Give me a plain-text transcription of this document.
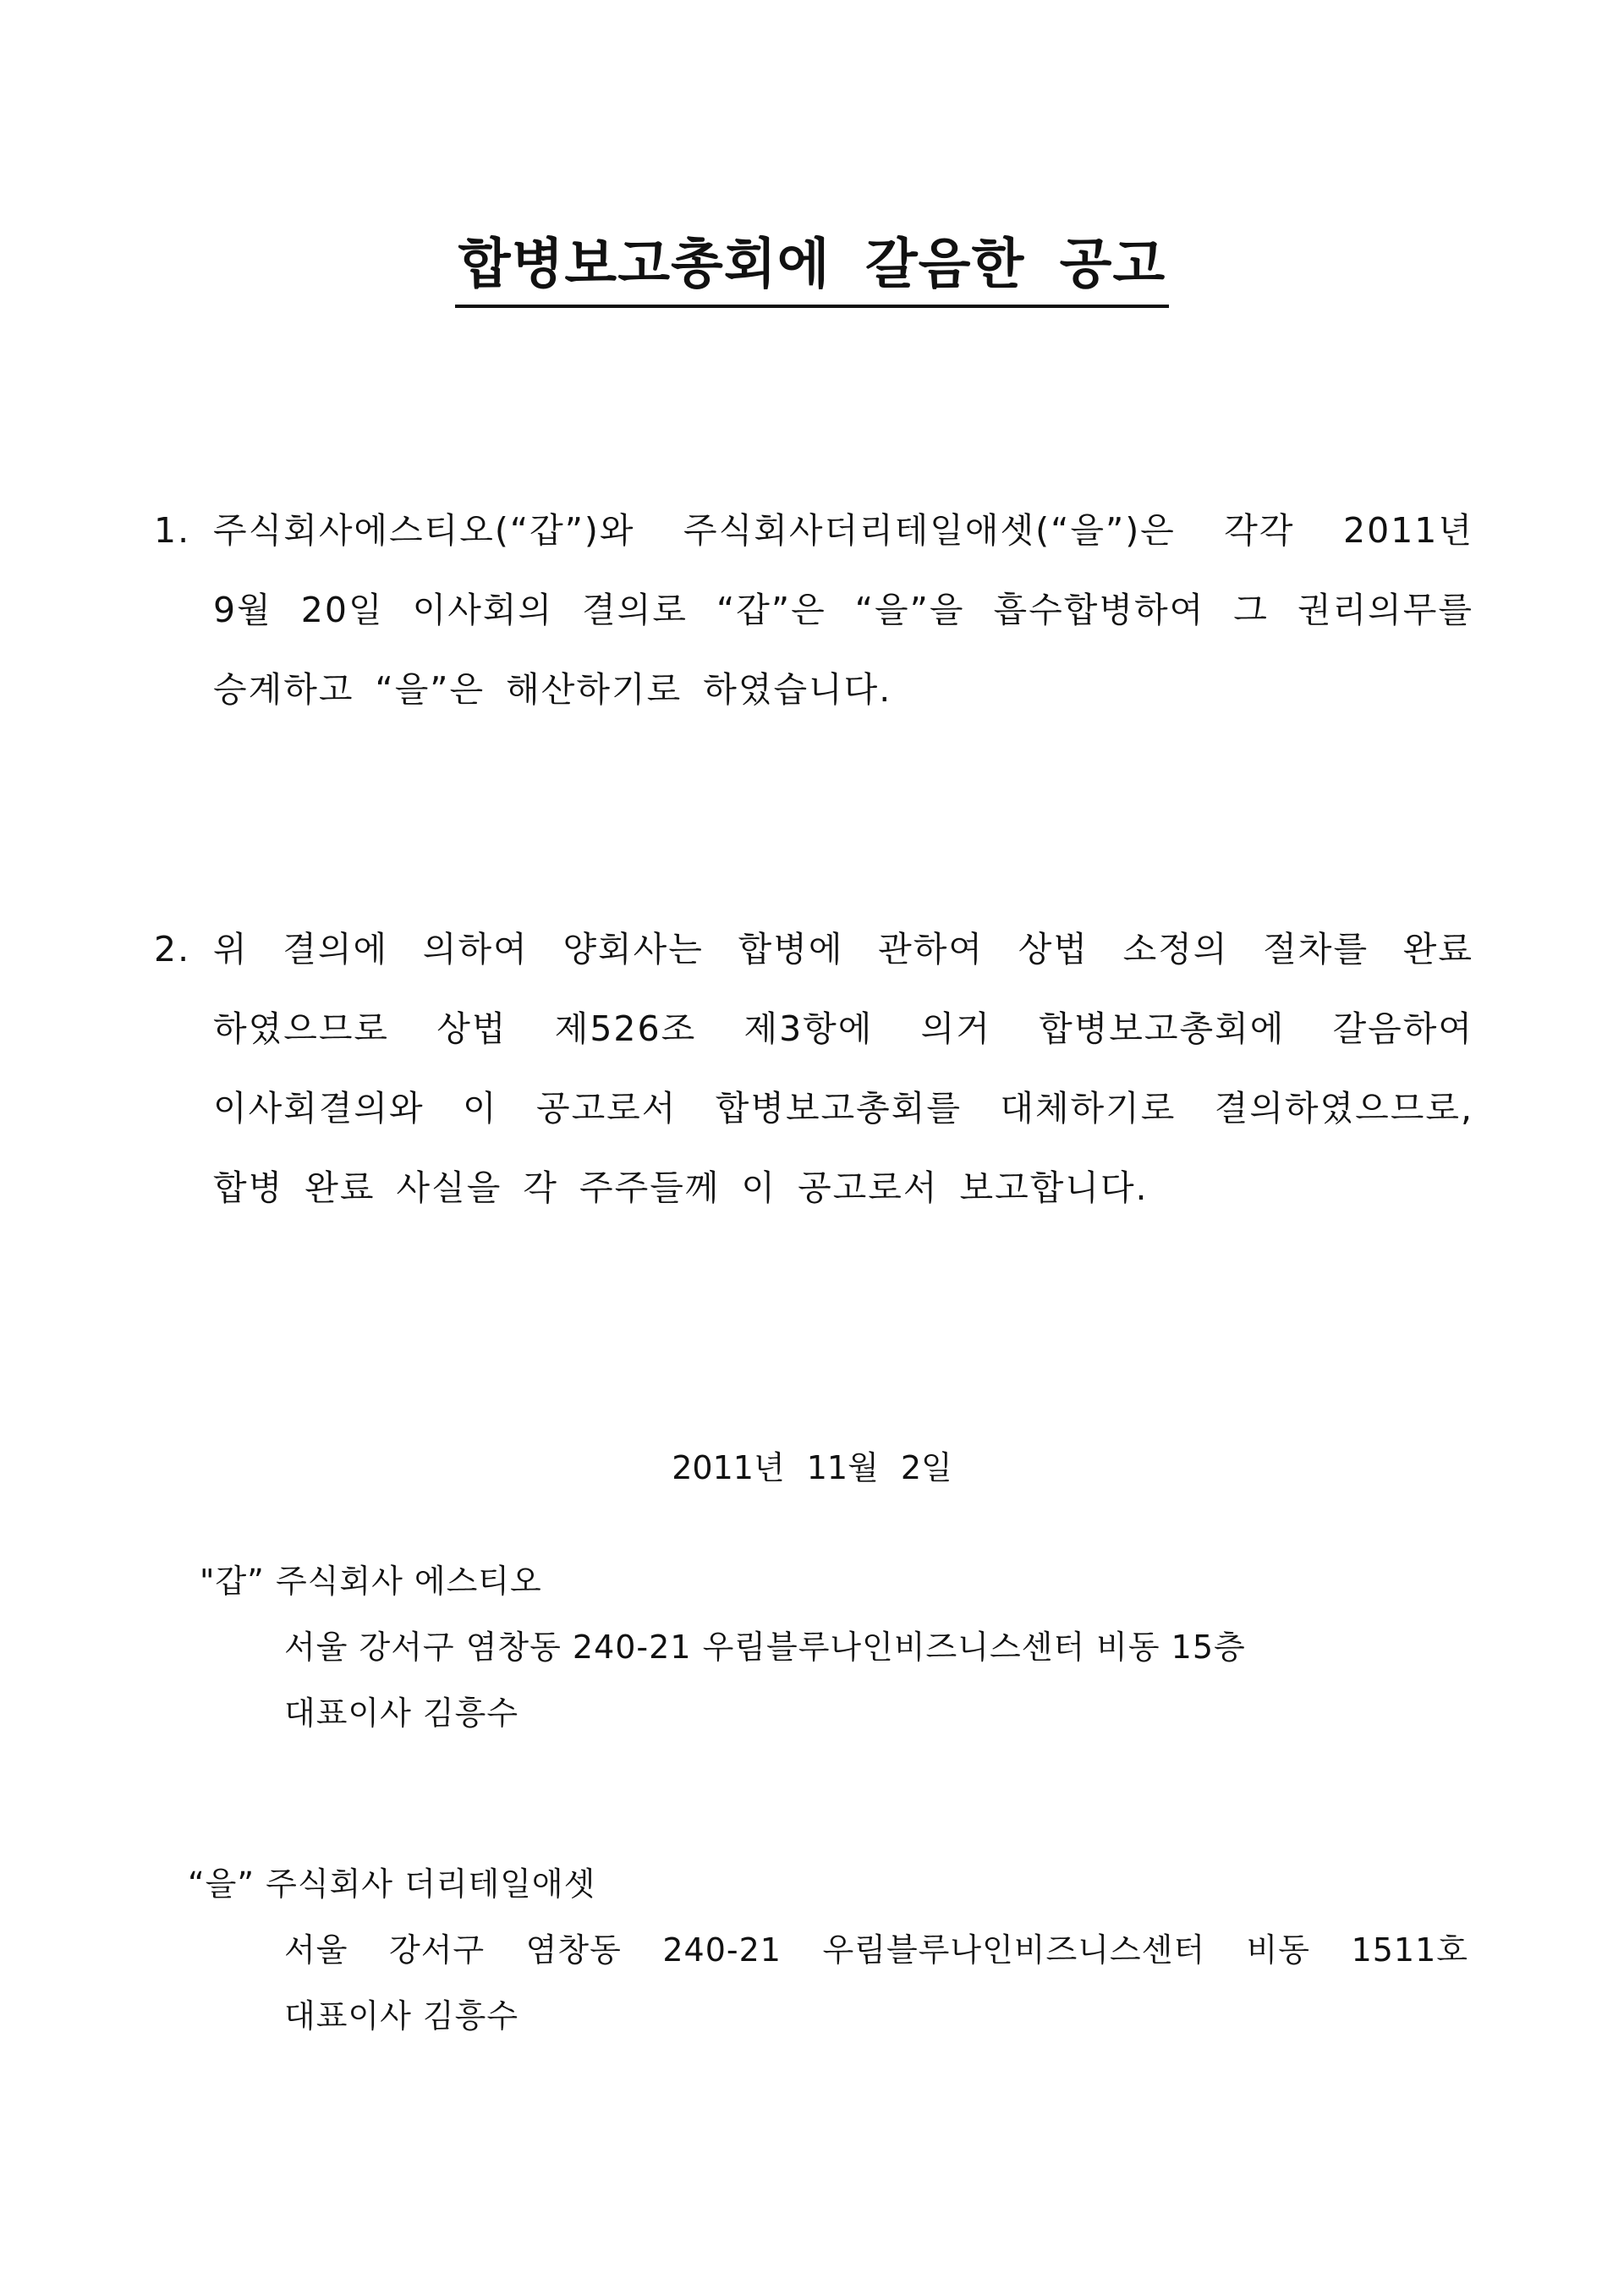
합병보고총회에 갈음한 공고
1. 주식회사에스티오(“갑”)와 주식회사더리테일애셋(“을”)은 각각 2011년
9월 20일 이사회의 결의로 “갑”은 “을”을 흡수합병하여 그 권리의무를
승계하고 “을”은 해산하기로 하였습니다.
2. 위 결의에 의하여 양회사는 합병에 관하여 상법 소정의 절차를 완료
하였으므로 상법 제526조 제3항에 의거 합병보고총회에 갈음하여
이사회결의와 이 공고로서 합병보고총회를 대체하기로 결의하였으므로,
합병 완료 사실을 각 주주들께 이 공고로서 보고합니다.
2011년 11월 2일
"갑” 주식회사 에스티오
서울 강서구 염창동 240-21 우림블루나인비즈니스센터 비동 15층
대표이사 김흥수
“을” 주식회사 더리테일애셋
서울 강서구 염창동 240-21 우림블루나인비즈니스센터 비동 1511호
대표이사 김흥수
